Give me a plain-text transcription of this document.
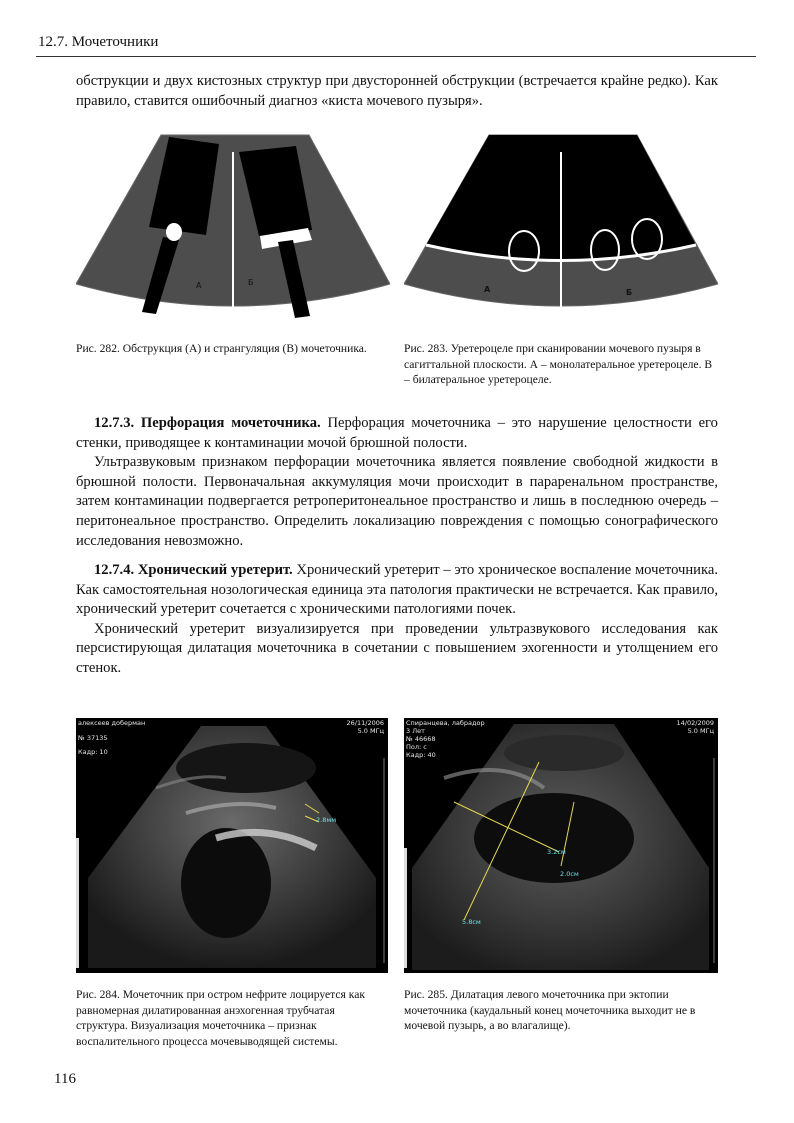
12.7. Мочеточники

обструкции и двух кистозных структур при двусторонней обструкции (встречается крайне редко). Как правило, ставится ошибочный диагноз «киста мочевого пузыря».

А	Б
А	Б
Рис. 282. Обструкция (А) и странгуляция (В) мочеточника.	Рис. 283. Уретероцеле при сканировании мочевого пузыря в сагиттальной плоскости. А – монолатеральное уретероцеле. В – билатеральное уретероцеле.

12.7.3. Перфорация мочеточника. Перфорация мочеточника – это нарушение целостности его стенки, приводящее к контаминации мочой брюшной полости.

Ультразвуковым признаком перфорации мочеточника является появление свободной жидкости в брюшной полости. Первоначальная аккумуляция мочи происходит в параренальном пространстве, затем контаминации подвергается ретроперитонеальное пространство и лишь в последнюю очередь – перитонеальное пространство. Определить локализацию повреждения с помощью сонографического исследования невозможно.

12.7.4. Хронический уретерит. Хронический уретерит – это хроническое воспаление мочеточника. Как самостоятельная нозологическая единица эта патология практически не встречается. Как правило, хронический уретерит сочетается с хроническими патологиями почек.

Хронический уретерит визуализируется при проведении ультразвукового исследования как персистирующая дилатация мочеточника в сочетании с повышением эхогенности и утолщением его стенок.

алексеев доберман
№ 37135
Кадр: 10
26/11/2006
5.0 МГц
2.8мм
Спиранцева, лабрадор
3 Лет
№ 46668
Пол: с
Кадр: 40
14/02/2009
5.0 МГц
3.2см
2.0см
5.8см
Рис. 284. Мочеточник при остром нефрите лоцируется как равномерная дилатированная анэхогенная трубчатая структура. Визуализация мочеточника – признак воспалительного процесса мочевыводящей системы.
Рис. 285. Дилатация левого мочеточника при эктопии мочеточника (каудальный конец мочеточника выходит не в мочевой пузырь, а во влагалище).
116
